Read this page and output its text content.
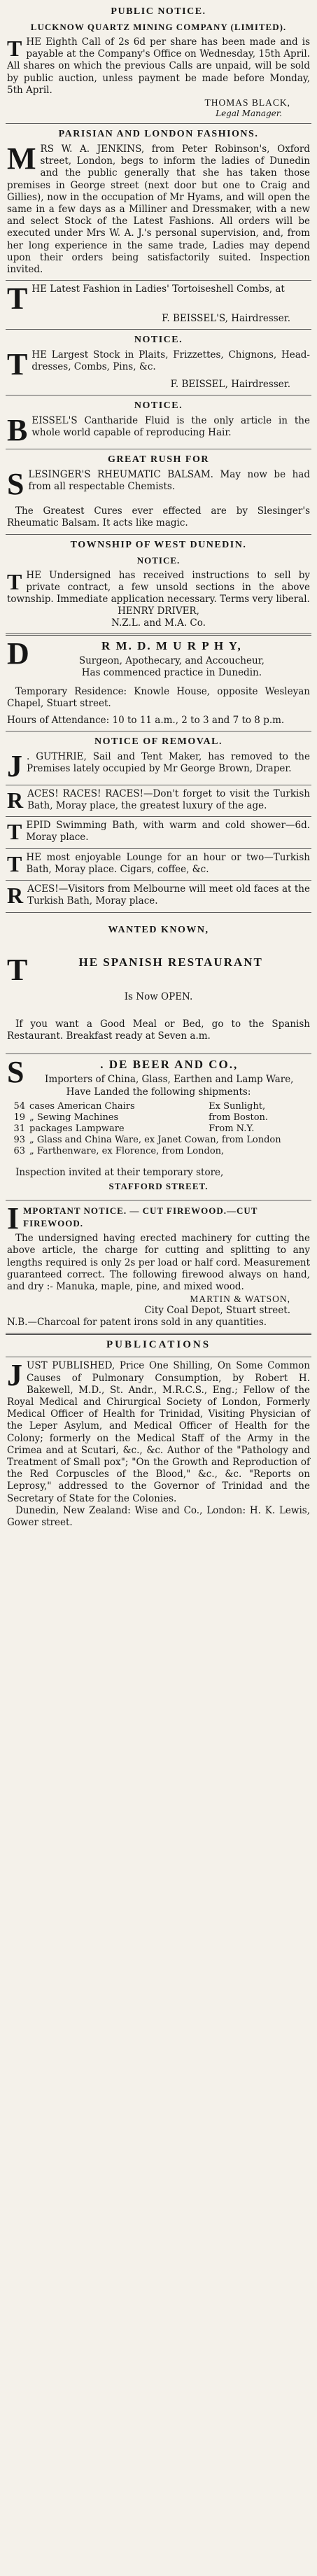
PUBLIC NOTICE.
LUCKNOW QUARTZ MINING COMPANY (LIMITED).
T HE Eighth Call of 2s 6d per share has been made and is payable at the Company's Office on Wednesday, 15th April. All shares on which the previous Calls are unpaid, will be sold by public auction, unless payment be made before Monday, 5th April.

THOMAS BLACK,
Legal Manager.
PARISIAN AND LONDON FASHIONS.
M RS W. A. JENKINS, from Peter Robinson's, Oxford street, London, begs to inform the ladies of Dunedin and the public generally that she has taken those premises in George street (next door but one to Craig and Gillies), now in the occupation of Mr Hyams, and will open the same in a few days as a Milliner and Dressmaker, with a new and select Stock of the Latest Fashions. All orders will be executed under Mrs W. A. J.'s personal supervision, and, from her long experience in the same trade, Ladies may depend upon their orders being satisfactorily suited. Inspection invited.

T HE Latest Fashion in Ladies' Tortoiseshell Combs, at

F. BEISSEL'S, Hairdresser.
NOTICE.
T HE Largest Stock in Plaits, Frizzettes, Chignons, Head-dresses, Combs, Pins, &c.

F. BEISSEL, Hairdresser.
NOTICE.
B EISSEL'S Cantharide Fluid is the only article in the whole world capable of reproducing Hair.

GREAT RUSH FOR
S LESINGER'S RHEUMATIC BALSAM. May now be had from all respectable Chemists.

The Greatest Cures ever effected are by Slesinger's Rheumatic Balsam. It acts like magic.

TOWNSHIP OF WEST DUNEDIN.
NOTICE.
T HE Undersigned has received instructions to sell by private contract, a few unsold sections in the above township. Immediate application necessary. Terms very liberal.

HENRY DRIVER,
N.Z.L. and M.A. Co.
D	R M. D. M U R P H Y,
Surgeon, Apothecary, and Accoucheur,
Has commenced practice in Dunedin.

Temporary Residence: Knowle House, opposite Wesleyan Chapel, Stuart street.

Hours of Attendance: 10 to 11 a.m., 2 to 3 and 7 to 8 p.m.
NOTICE OF REMOVAL.
J . GUTHRIE, Sail and Tent Maker, has removed to the Premises lately occupied by Mr George Brown, Draper.

R ACES! RACES! RACES!—Don't forget to visit the Turkish Bath, Moray place, the greatest luxury of the age.

T EPID Swimming Bath, with warm and cold shower—6d. Moray place.

T HE most enjoyable Lounge for an hour or two—Turkish Bath, Moray place. Cigars, coffee, &c.

R ACES!—Visitors from Melbourne will meet old faces at the Turkish Bath, Moray place.

WANTED KNOWN,
T	HE SPANISH RESTAURANT
Is Now OPEN.

If you want a Good Meal or Bed, go to the Spanish Restaurant. Breakfast ready at Seven a.m.

S	. DE BEER AND CO.,
Importers of China, Glass, Earthen and Lamp Ware,
Have Landed the following shipments:
54	cases American Chairs	Ex Sunlight,
19	„ Sewing Machines	from Boston.
31	packages Lampware	From N.Y.
93	„ Glass and China Ware, ex Janet Cowan, from London	
63	„ Farthenware, ex Florence, from London,	

Inspection invited at their temporary store,

STAFFORD STREET.
I MPORTANT NOTICE. — CUT FIREWOOD.—CUT FIREWOOD.

The undersigned having erected machinery for cutting the above article, the charge for cutting and splitting to any lengths required is only 2s per load or half cord. Measurement guaranteed correct. The following firewood always on hand, and dry :- Manuka, maple, pine, and mixed wood.

MARTIN & WATSON,
City Coal Depot, Stuart street.

N.B.—Charcoal for patent irons sold in any quantities.

PUBLICATIONS
J UST PUBLISHED, Price One Shilling, On Some Common Causes of Pulmonary Consumption, by Robert H. Bakewell, M.D., St. Andr., M.R.C.S., Eng.; Fellow of the Royal Medical and Chirurgical Society of London, Formerly Medical Officer of Health for Trinidad, Visiting Physician of the Leper Asylum, and Medical Officer of Health for the Colony; formerly on the Medical Staff of the Army in the Crimea and at Scutari, &c., &c. Author of the "Pathology and Treatment of Small pox"; "On the Growth and Reproduction of the Red Corpuscles of the Blood," &c., &c. "Reports on Leprosy," addressed to the Governor of Trinidad and the Secretary of State for the Colonies.

Dunedin, New Zealand: Wise and Co., London: H. K. Lewis, Gower street.
